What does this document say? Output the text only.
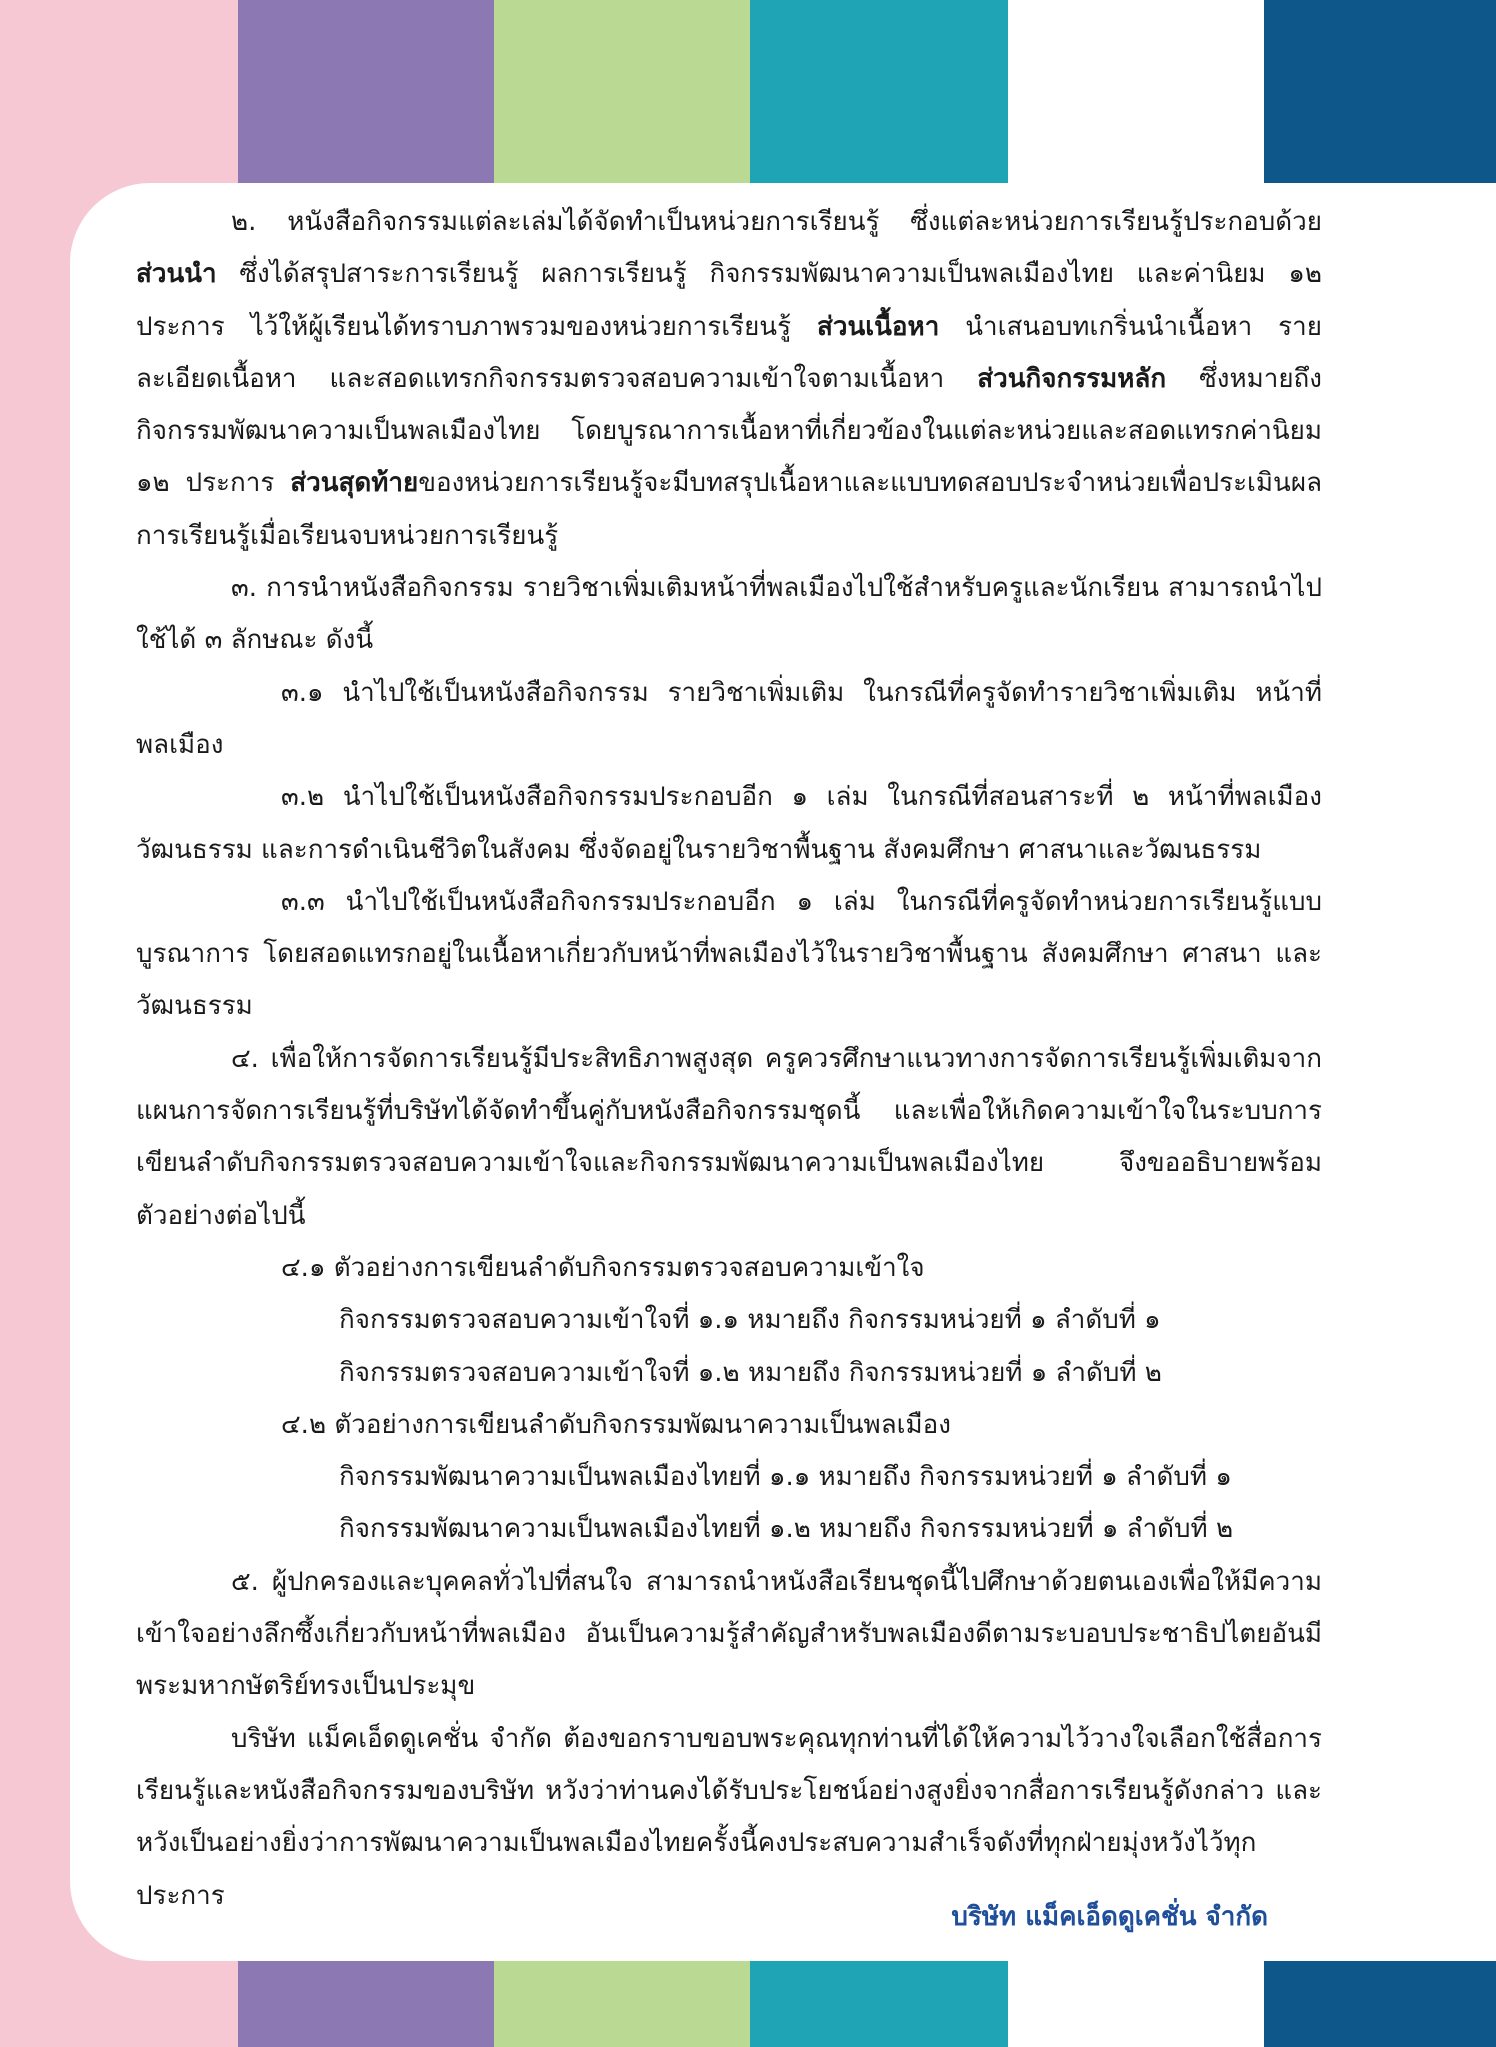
๒. หนังสือกิจกรรมแต่ละเล่มได้จัดทำเป็นหน่วยการเรียนรู้ ซึ่งแต่ละหน่วยการเรียนรู้ประกอบด้วย ส่วนนำ ซึ่งได้สรุปสาระการเรียนรู้ ผลการเรียนรู้ กิจกรรมพัฒนาความเป็นพลเมืองไทย และค่านิยม ๑๒ ประการ ไว้ให้ผู้เรียนได้ทราบภาพรวมของหน่วยการเรียนรู้ ส่วนเนื้อหา นำเสนอบทเกริ่นนำเนื้อหา รายละเอียดเนื้อหา และสอดแทรกกิจกรรมตรวจสอบความเข้าใจตามเนื้อหา ส่วนกิจกรรมหลัก ซึ่งหมายถึง กิจกรรมพัฒนาความเป็นพลเมืองไทย โดยบูรณาการเนื้อหาที่เกี่ยวข้องในแต่ละหน่วยและสอดแทรกค่านิยม ๑๒ ประการ ส่วนสุดท้ายของหน่วยการเรียนรู้จะมีบทสรุปเนื้อหาและแบบทดสอบประจำหน่วยเพื่อประเมินผลการเรียนรู้เมื่อเรียนจบหน่วยการเรียนรู้

๓. การนำหนังสือกิจกรรม รายวิชาเพิ่มเติมหน้าที่พลเมืองไปใช้สำหรับครูและนักเรียน สามารถนำไปใช้ได้ ๓ ลักษณะ ดังนี้

๓.๑ นำไปใช้เป็นหนังสือกิจกรรม รายวิชาเพิ่มเติม ในกรณีที่ครูจัดทำรายวิชาเพิ่มเติม หน้าที่พลเมือง

๓.๒ นำไปใช้เป็นหนังสือกิจกรรมประกอบอีก ๑ เล่ม ในกรณีที่สอนสาระที่ ๒ หน้าที่พลเมือง วัฒนธรรม และการดำเนินชีวิตในสังคม ซึ่งจัดอยู่ในรายวิชาพื้นฐาน สังคมศึกษา ศาสนาและวัฒนธรรม

๓.๓ นำไปใช้เป็นหนังสือกิจกรรมประกอบอีก ๑ เล่ม ในกรณีที่ครูจัดทำหน่วยการเรียนรู้แบบบูรณาการ โดยสอดแทรกอยู่ในเนื้อหาเกี่ยวกับหน้าที่พลเมืองไว้ในรายวิชาพื้นฐาน สังคมศึกษา ศาสนา และวัฒนธรรม

๔. เพื่อให้การจัดการเรียนรู้มีประสิทธิภาพสูงสุด ครูควรศึกษาแนวทางการจัดการเรียนรู้เพิ่มเติมจากแผนการจัดการเรียนรู้ที่บริษัทได้จัดทำขึ้นคู่กับหนังสือกิจกรรมชุดนี้ และเพื่อให้เกิดความเข้าใจในระบบการเขียนลำดับกิจกรรมตรวจสอบความเข้าใจและกิจกรรมพัฒนาความเป็นพลเมืองไทย จึงขออธิบายพร้อมตัวอย่างต่อไปนี้

๔.๑ ตัวอย่างการเขียนลำดับกิจกรรมตรวจสอบความเข้าใจ

กิจกรรมตรวจสอบความเข้าใจที่ ๑.๑ หมายถึง กิจกรรมหน่วยที่ ๑ ลำดับที่ ๑

กิจกรรมตรวจสอบความเข้าใจที่ ๑.๒ หมายถึง กิจกรรมหน่วยที่ ๑ ลำดับที่ ๒

๔.๒ ตัวอย่างการเขียนลำดับกิจกรรมพัฒนาความเป็นพลเมือง

กิจกรรมพัฒนาความเป็นพลเมืองไทยที่ ๑.๑ หมายถึง กิจกรรมหน่วยที่ ๑ ลำดับที่ ๑

กิจกรรมพัฒนาความเป็นพลเมืองไทยที่ ๑.๒ หมายถึง กิจกรรมหน่วยที่ ๑ ลำดับที่ ๒

๕. ผู้ปกครองและบุคคลทั่วไปที่สนใจ สามารถนำหนังสือเรียนชุดนี้ไปศึกษาด้วยตนเองเพื่อให้มีความเข้าใจอย่างลึกซึ้งเกี่ยวกับหน้าที่พลเมือง อันเป็นความรู้สำคัญสำหรับพลเมืองดีตามระบอบประชาธิปไตยอันมีพระมหากษัตริย์ทรงเป็นประมุข

บริษัท แม็คเอ็ดดูเคชั่น จำกัด ต้องขอกราบขอบพระคุณทุกท่านที่ได้ให้ความไว้วางใจเลือกใช้สื่อการเรียนรู้และหนังสือกิจกรรมของบริษัท หวังว่าท่านคงได้รับประโยชน์อย่างสูงยิ่งจากสื่อการเรียนรู้ดังกล่าว และหวังเป็นอย่างยิ่งว่าการพัฒนาความเป็นพลเมืองไทยครั้งนี้คงประสบความสำเร็จดังที่ทุกฝ่ายมุ่งหวังไว้ทุกประการ

บริษัท แม็คเอ็ดดูเคชั่น จำกัด
